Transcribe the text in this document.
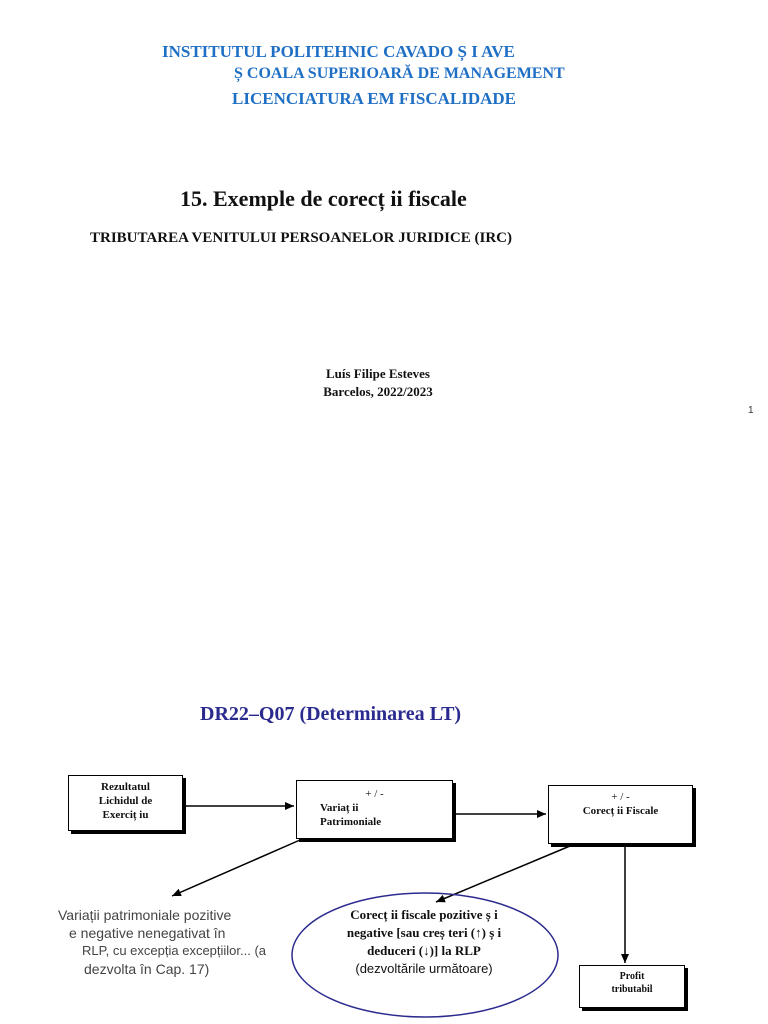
INSTITUTUL POLITEHNIC CAVADO Ș I AVE
Ș COALA SUPERIOARĂ DE MANAGEMENT
LICENCIATURA EM FISCALIDADE
15. Exemple de corecț ii fiscale
TRIBUTAREA VENITULUI PERSOANELOR JURIDICE (IRC)
Luís Filipe Esteves
Barcelos, 2022/2023
1
DR22–Q07 (Determinarea LT)
Rezultatul
Lichidul de
Exerciț iu
+ / -
Variaț ii
Patrimoniale
+ / -
Corecț ii Fiscale
Profit
tributabil
Variații patrimoniale pozitive
e negative nenegativat în
RLP, cu excepția excepțiilor... (a
dezvolta în Cap. 17)
Corecț ii fiscale pozitive ș i
negative [sau creș teri (↑) ș i
deduceri (↓)] la RLP
(dezvoltările următoare)
